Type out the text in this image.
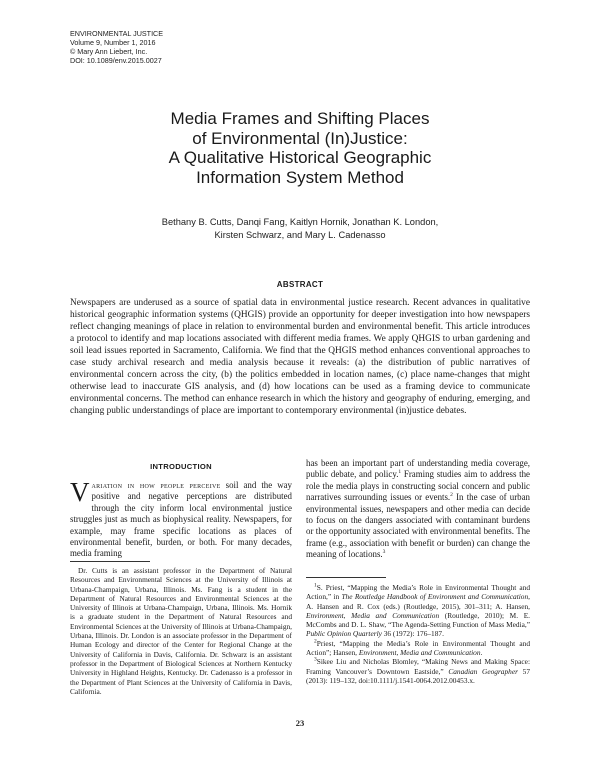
ENVIRONMENTAL JUSTICE
Volume 9, Number 1, 2016
© Mary Ann Liebert, Inc.
DOI: 10.1089/env.2015.0027
Media Frames and Shifting Places
of Environmental (In)Justice:
A Qualitative Historical Geographic
Information System Method
Bethany B. Cutts, Danqi Fang, Kaitlyn Hornik, Jonathan K. London,
Kirsten Schwarz, and Mary L. Cadenasso
ABSTRACT
Newspapers are underused as a source of spatial data in environmental justice research. Recent advances in qualitative historical geographic information systems (QHGIS) provide an opportunity for deeper investigation into how newspapers reflect changing meanings of place in relation to environmental burden and environmental benefit. This article introduces a protocol to identify and map locations associated with different media frames. We apply QHGIS to urban gardening and soil lead issues reported in Sacramento, California. We find that the QHGIS method enhances conventional approaches to case study archival research and media analysis because it reveals: (a) the distribution of public narratives of environmental concern across the city, (b) the politics embedded in location names, (c) place name-changes that might otherwise lead to inaccurate GIS analysis, and (d) how locations can be used as a framing device to communicate environmental concerns. The method can enhance research in which the history and geography of enduring, emerging, and changing public understandings of place are important to contemporary environmental (in)justice debates.
INTRODUCTION
Variation in how people perceive soil and the way positive and negative perceptions are distributed through the city inform local environmental justice struggles just as much as biophysical reality. Newspapers, for example, may frame specific locations as places of environmental benefit, burden, or both. For many decades, media framing
has been an important part of understanding media coverage, public debate, and policy.$^1$ Framing studies aim to address the role the media plays in constructing social concern and public narratives surrounding issues or events.$^2$ In the case of urban environmental issues, newspapers and other media can decide to focus on the dangers associated with contaminant burdens or the opportunity associated with environmental benefits. The frame (e.g., association with benefit or burden) can change the meaning of locations.$^3$

Dr. Cutts is an assistant professor in the Department of Natural Resources and Environmental Sciences at the University of Illinois at Urbana-Champaign, Urbana, Illinois. Ms. Fang is a student in the Department of Natural Resources and Environmental Sciences at the University of Illinois at Urbana-Champaign, Urbana, Illinois. Ms. Hornik is a graduate student in the Department of Natural Resources and Environmental Sciences at the University of Illinois at Urbana-Champaign, Urbana, Illinois. Dr. London is an associate professor in the Department of Human Ecology and director of the Center for Regional Change at the University of California in Davis, California. Dr. Schwarz is an assistant professor in the Department of Biological Sciences at Northern Kentucky University in Highland Heights, Kentucky. Dr. Cadenasso is a professor in the Department of Plant Sciences at the University of California in Davis, California.

$^1$S. Priest, “Mapping the Media’s Role in Environmental Thought and Action,” in The Routledge Handbook of Environment and Communication, A. Hansen and R. Cox (eds.) (Routledge, 2015), 301–311; A. Hansen, Environment, Media and Communication (Routledge, 2010); M. E. McCombs and D. L. Shaw, “The Agenda-Setting Function of Mass Media,” Public Opinion Quarterly 36 (1972): 176–187.

$^2$Priest, “Mapping the Media’s Role in Environmental Thought and Action”; Hansen, Environment, Media and Communication.

$^3$Sikee Liu and Nicholas Blomley, “Making News and Making Space: Framing Vancouver’s Downtown Eastside,” Canadian Geographer 57 (2013): 119–132, doi:10.1111/j.1541-0064.2012.00453.x.

23
